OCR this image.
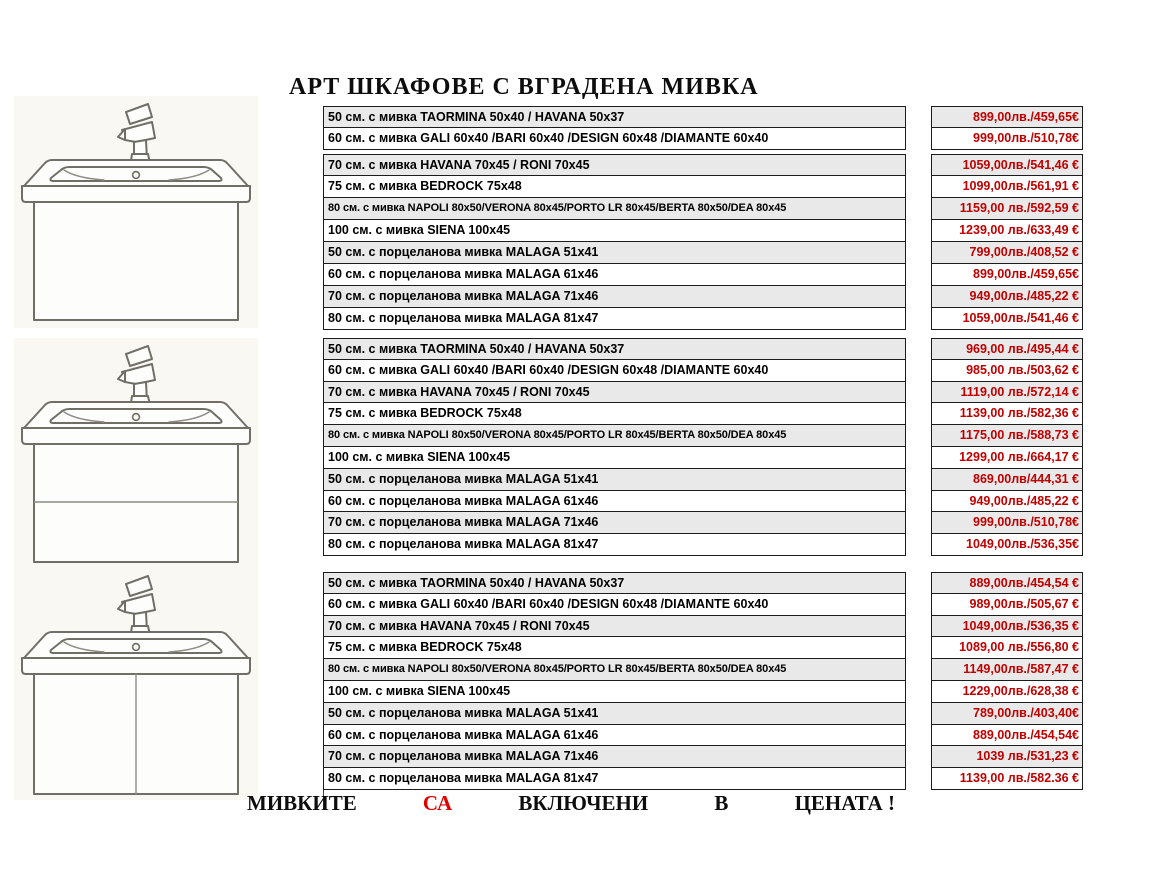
АРТ ШКАФОВЕ С ВГРАДЕНА МИВКА
50 см. с мивка TAORMINA 50x40 / HAVANA 50x37	899,00лв./459,65€
60 см. с мивка GALI 60x40 /BARI 60x40 /DESIGN 60x48 /DIAMANTE 60x40	999,00лв./510,78€
70 см. с мивка HAVANA 70x45 / RONI 70x45	1059,00лв./541,46 €
75 см. с мивка BEDROCK 75x48	1099,00лв./561,91 €
80 см. с мивка NAPOLI 80x50/VERONA 80x45/PORTO LR 80x45/BERTA 80x50/DEA 80x45	1159,00 лв./592,59 €
100 см. с мивка SIENA 100x45	1239,00 лв./633,49 €
50 см. с порцеланова мивка MALAGA 51x41	799,00лв./408,52 €
60 см. с порцеланова мивка MALAGA 61x46	899,00лв./459,65€
70 см. с порцеланова мивка MALAGA 71x46	949,00лв./485,22 €
80 см. с порцеланова мивка MALAGA 81x47	1059,00лв./541,46 €
50 см. с мивка TAORMINA 50x40 / HAVANA 50x37	969,00 лв./495,44 €
60 см. с мивка GALI 60x40 /BARI 60x40 /DESIGN 60x48 /DIAMANTE 60x40	985,00 лв./503,62 €
70 см. с мивка HAVANA 70x45 / RONI 70x45	1119,00 лв./572,14 €
75 см. с мивка BEDROCK 75x48	1139,00 лв./582,36 €
80 см. с мивка NAPOLI 80x50/VERONA 80x45/PORTO LR 80x45/BERTA 80x50/DEA 80x45	1175,00 лв./588,73 €
100 см. с мивка SIENA 100x45	1299,00 лв./664,17 €
50 см. с порцеланова мивка MALAGA 51x41	869,00лв/444,31 €
60 см. с порцеланова мивка MALAGA 61x46	949,00лв./485,22 €
70 см. с порцеланова мивка MALAGA 71x46	999,00лв./510,78€
80 см. с порцеланова мивка MALAGA 81x47	1049,00лв./536,35€
50 см. с мивка TAORMINA 50x40 / HAVANA 50x37	889,00лв./454,54 €
60 см. с мивка GALI 60x40 /BARI 60x40 /DESIGN 60x48 /DIAMANTE 60x40	989,00лв./505,67 €
70 см. с мивка HAVANA 70x45 / RONI 70x45	1049,00лв./536,35 €
75 см. с мивка BEDROCK 75x48	1089,00 лв./556,80 €
80 см. с мивка NAPOLI 80x50/VERONA 80x45/PORTO LR 80x45/BERTA 80x50/DEA 80x45	1149,00лв./587,47 €
100 см. с мивка SIENA 100x45	1229,00лв./628,38 €
50 см. с порцеланова мивка MALAGA 51x41	789,00лв./403,40€
60 см. с порцеланова мивка MALAGA 61x46	889,00лв./454,54€
70 см. с порцеланова мивка MALAGA 71x46	1039 лв./531,23 €
80 см. с порцеланова мивка MALAGA 81x47	1139,00 лв./582.36 €
МИВКИТЕ	СА	ВКЛЮЧЕНИ	В	ЦЕНАТА !
